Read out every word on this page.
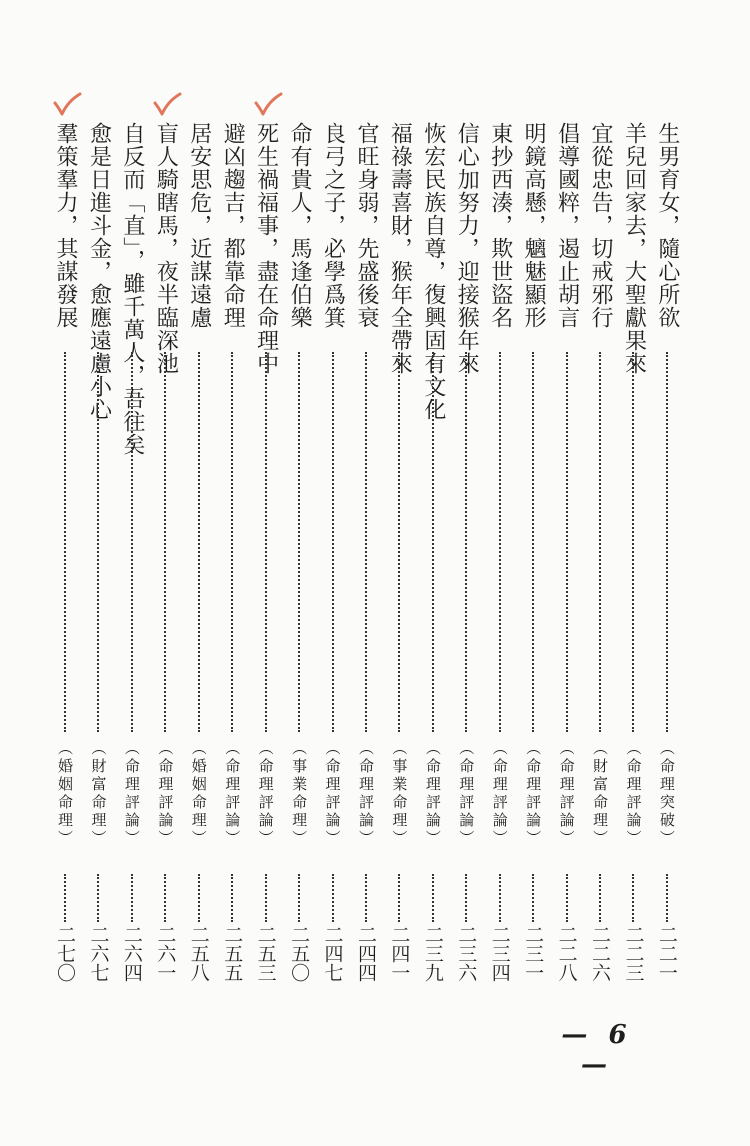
生男育女，隨心所欲
（命理突破）
二二一
羊兒回家去，大聖獻果來
（命理評論）
二二三
宜從忠告，切戒邪行
（財富命理）
二二六
倡導國粹，遏止胡言
（命理評論）
二二八
明鏡高懸，魑魅顯形
（命理評論）
二三一
東抄西湊，欺世盜名
（命理評論）
二三四
信心加努力，迎接猴年來
（命理評論）
二三六
恢宏民族自尊，復興固有文化
（命理評論）
二三九
福祿壽喜財，猴年全帶來
（事業命理）
二四一
官旺身弱，先盛後衰
（命理評論）
二四四
良弓之子，必學爲箕
（命理評論）
二四七
命有貴人，馬逢伯樂
（事業命理）
二五〇
死生禍福事，盡在命理中
（命理評論）
二五三
避凶趨吉，都靠命理
（命理評論）
二五五
居安思危，近謀遠慮
（婚姻命理）
二五八
盲人騎瞎馬，夜半臨深池
（命理評論）
二六一
自反而「直」，雖千萬人，吾往矣
（命理評論）
二六四
愈是日進斗金，愈應遠慮小心
（財富命理）
二六七
羣策羣力，其謀發展
（婚姻命理）
二七〇
— 6 —
